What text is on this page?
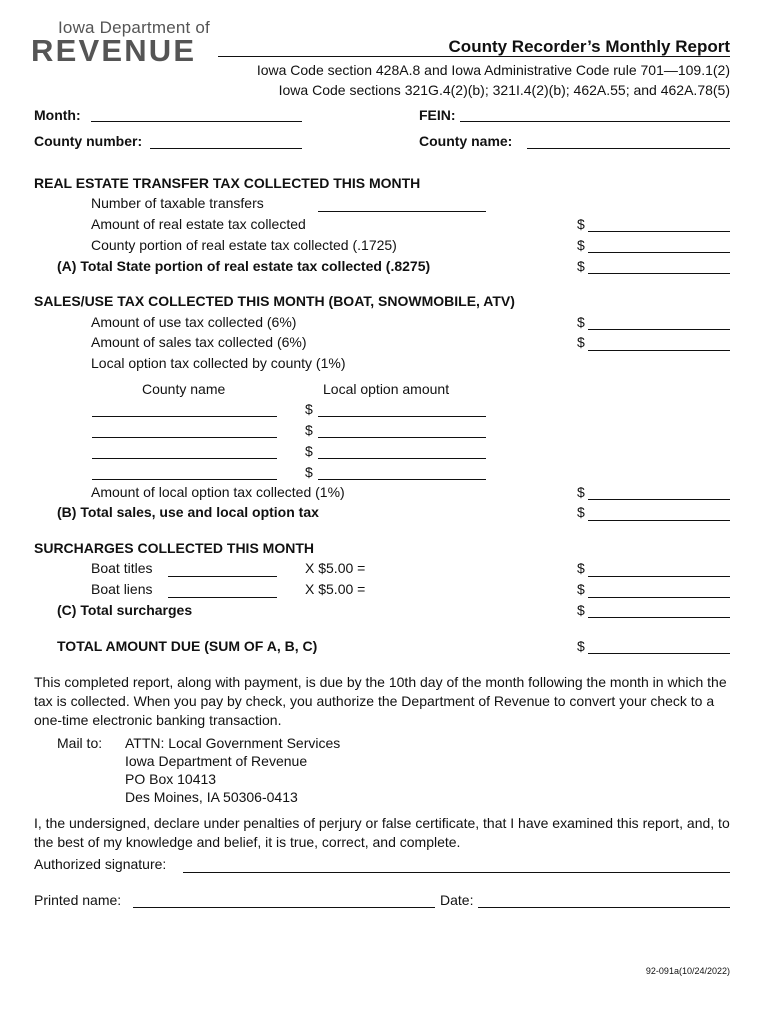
Iowa Department of
REVENUE	County Recorder’s Monthly Report
Iowa Code section 428A.8 and Iowa Administrative Code rule 701—109.1(2)
Iowa Code sections 321G.4(2)(b); 321I.4(2)(b); 462A.55; and 462A.78(5)
Month:	FEIN:
County number:	County name:
REAL ESTATE TRANSFER TAX COLLECTED THIS MONTH
Number of taxable transfers
Amount of real estate tax collected	$
County portion of real estate tax collected (.1725)	$
(A) Total State portion of real estate tax collected (.8275)	$
SALES/USE TAX COLLECTED THIS MONTH (BOAT, SNOWMOBILE, ATV)
Amount of use tax collected (6%)	$
Amount of sales tax collected (6%)	$
Local option tax collected by county (1%)
County name	Local option amount
$
$
$
$
Amount of local option tax collected (1%)	$
(B) Total sales, use and local option tax	$
SURCHARGES COLLECTED THIS MONTH
Boat titles	X $5.00 =	$
Boat liens	X $5.00 =	$
(C) Total surcharges	$
TOTAL AMOUNT DUE (SUM OF A, B, C)	$
This completed report, along with payment, is due by the 10th day of the month following the month in which the tax is collected. When you pay by check, you authorize the Department of Revenue to convert your check to a one-time electronic banking transaction.
Mail to: ATTN: Local Government Services
Iowa Department of Revenue
PO Box 10413
Des Moines, IA 50306-0413
I, the undersigned, declare under penalties of perjury or false certificate, that I have examined this report, and, to the best of my knowledge and belief, it is true, correct, and complete.
Authorized signature:
Printed name:	Date:
92-091a(10/24/2022)
